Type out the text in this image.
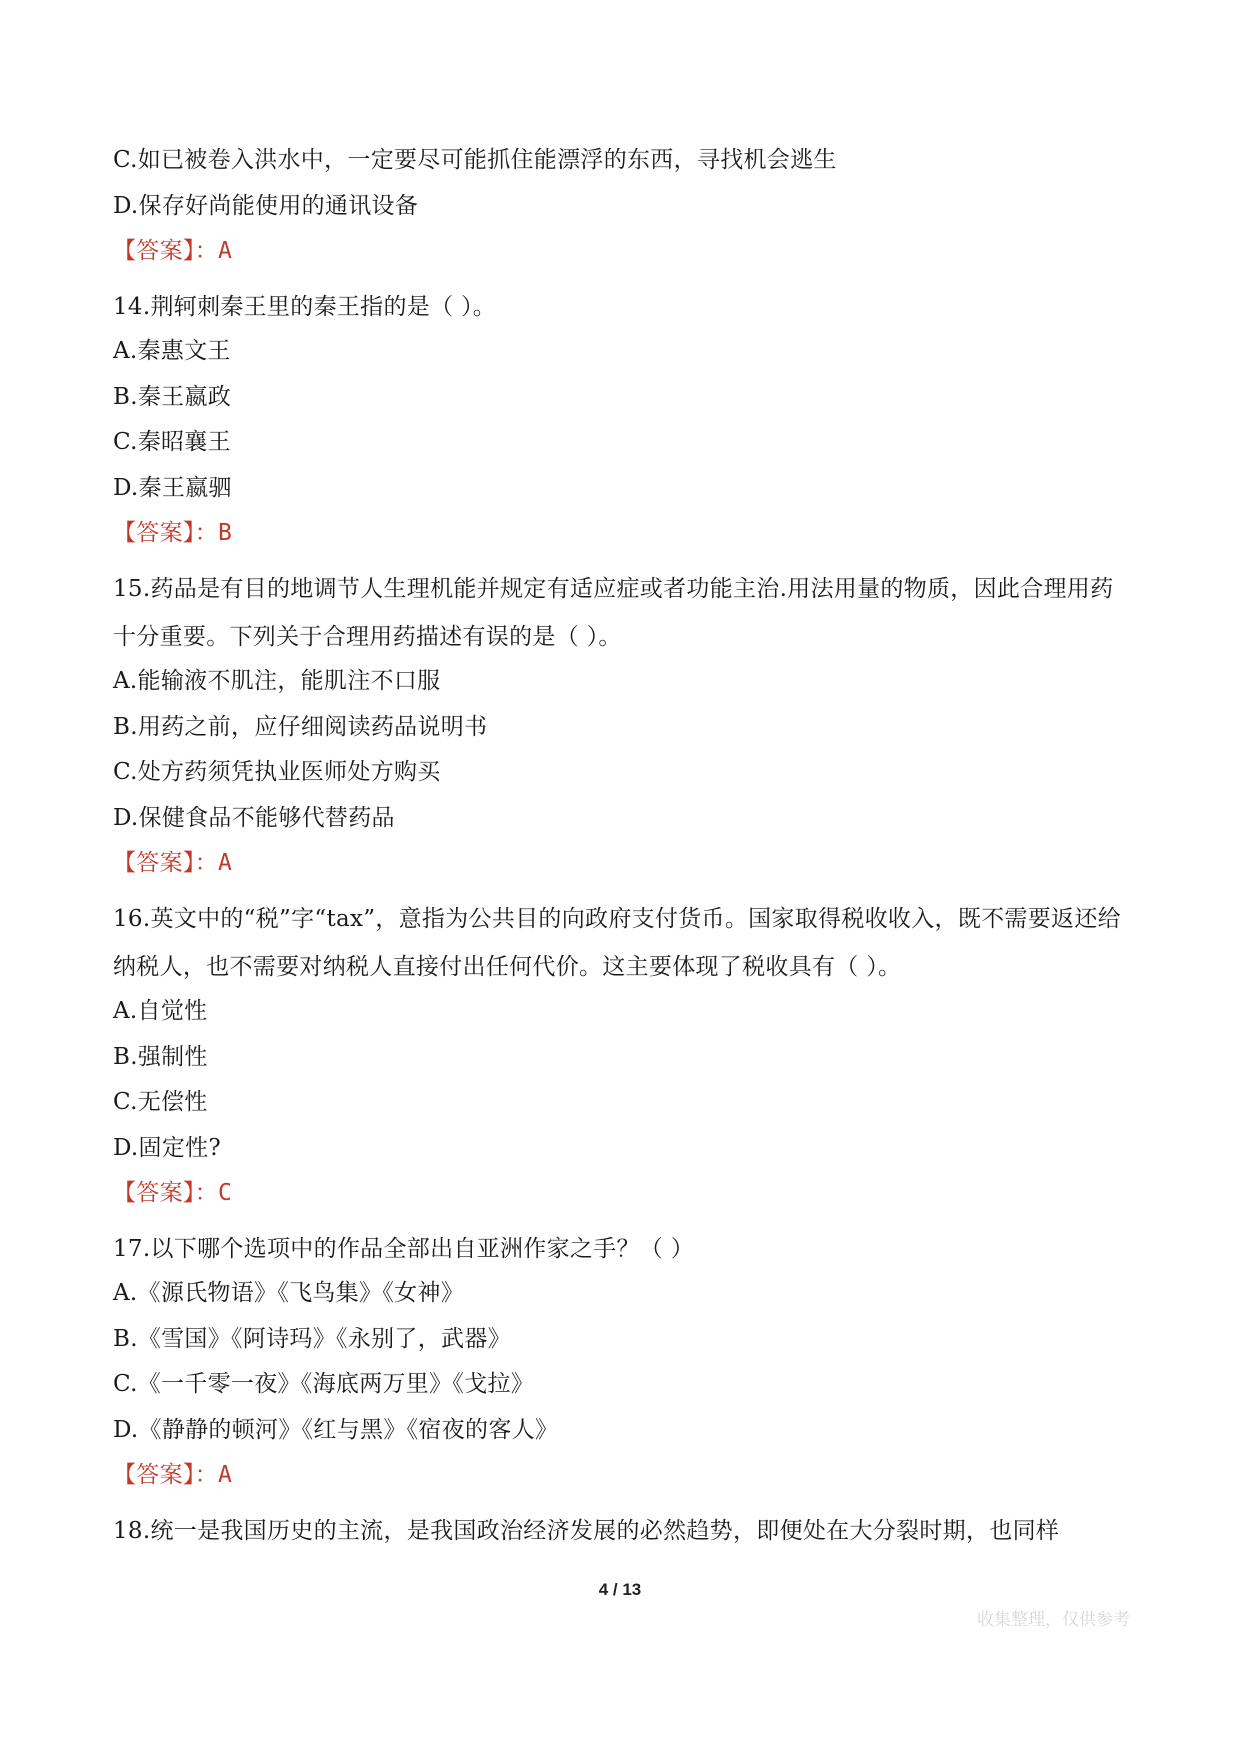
C.如已被卷入洪水中，一定要尽可能抓住能漂浮的东西，寻找机会逃生
D.保存好尚能使用的通讯设备
【答案】：A
14.荆轲刺秦王里的秦王指的是（ ）。
A.秦惠文王
B.秦王嬴政
C.秦昭襄王
D.秦王嬴驷
【答案】：B
15.药品是有目的地调节人生理机能并规定有适应症或者功能主治.用法用量的物质，因此合理用药十分重要。下列关于合理用药描述有误的是（ ）。
A.能输液不肌注，能肌注不口服
B.用药之前，应仔细阅读药品说明书
C.处方药须凭执业医师处方购买
D.保健食品不能够代替药品
【答案】：A
16.英文中的“税”字“tax”，意指为公共目的向政府支付货币。国家取得税收收入，既不需要返还给纳税人，也不需要对纳税人直接付出任何代价。这主要体现了税收具有（ ）。
A.自觉性
B.强制性
C.无偿性
D.固定性?
【答案】：C
17.以下哪个选项中的作品全部出自亚洲作家之手？（ ）
A.《源氏物语》《飞鸟集》《女神》
B.《雪国》《阿诗玛》《永别了，武器》
C.《一千零一夜》《海底两万里》《戈拉》
D.《静静的顿河》《红与黑》《宿夜的客人》
【答案】：A
18.统一是我国历史的主流，是我国政治经济发展的必然趋势，即便处在大分裂时期，也同样
4 / 13
收集整理，仅供参考
